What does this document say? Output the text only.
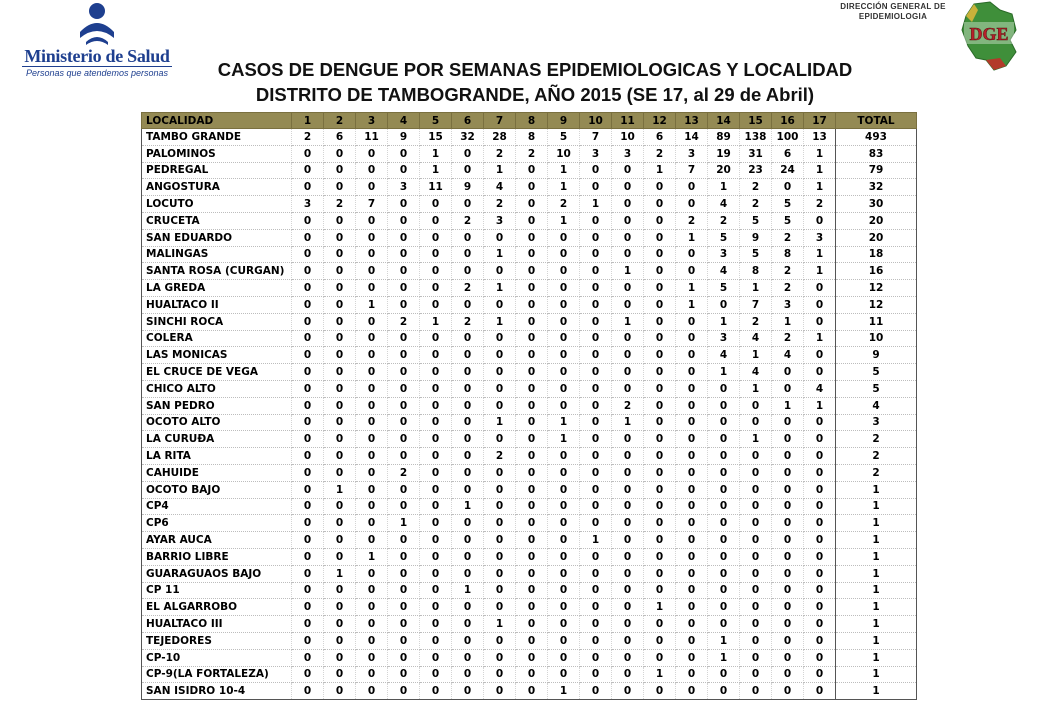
Ministerio de Salud
Personas que atendemos personas
DIRECCIÓN GENERAL DE
EPIDEMIOLOGIA
DGE
CASOS DE DENGUE POR SEMANAS EPIDEMIOLOGICAS Y LOCALIDAD
DISTRITO DE TAMBOGRANDE, AÑO 2015 (SE 17, al 29 de Abril)
LOCALIDAD	1	2	3	4	5	6	7	8	9	10	11	12	13	14	15	16	17	TOTAL
TAMBO GRANDE	2	6	11	9	15	32	28	8	5	7	10	6	14	89	138	100	13	493
PALOMINOS	0	0	0	0	1	0	2	2	10	3	3	2	3	19	31	6	1	83
PEDREGAL	0	0	0	0	1	0	1	0	1	0	0	1	7	20	23	24	1	79
ANGOSTURA	0	0	0	3	11	9	4	0	1	0	0	0	0	1	2	0	1	32
LOCUTO	3	2	7	0	0	0	2	0	2	1	0	0	0	4	2	5	2	30
CRUCETA	0	0	0	0	0	2	3	0	1	0	0	0	2	2	5	5	0	20
SAN EDUARDO	0	0	0	0	0	0	0	0	0	0	0	0	1	5	9	2	3	20
MALINGAS	0	0	0	0	0	0	1	0	0	0	0	0	0	3	5	8	1	18
SANTA ROSA (CURGAN)	0	0	0	0	0	0	0	0	0	0	1	0	0	4	8	2	1	16
LA GREDA	0	0	0	0	0	2	1	0	0	0	0	0	1	5	1	2	0	12
HUALTACO II	0	0	1	0	0	0	0	0	0	0	0	0	1	0	7	3	0	12
SINCHI ROCA	0	0	0	2	1	2	1	0	0	0	1	0	0	1	2	1	0	11
COLERA	0	0	0	0	0	0	0	0	0	0	0	0	0	3	4	2	1	10
LAS MONICAS	0	0	0	0	0	0	0	0	0	0	0	0	0	4	1	4	0	9
EL CRUCE DE VEGA	0	0	0	0	0	0	0	0	0	0	0	0	0	1	4	0	0	5
CHICO ALTO	0	0	0	0	0	0	0	0	0	0	0	0	0	0	1	0	4	5
SAN PEDRO	0	0	0	0	0	0	0	0	0	0	2	0	0	0	0	1	1	4
OCOTO ALTO	0	0	0	0	0	0	1	0	1	0	1	0	0	0	0	0	0	3
LA CURUÐA	0	0	0	0	0	0	0	0	1	0	0	0	0	0	1	0	0	2
LA RITA	0	0	0	0	0	0	2	0	0	0	0	0	0	0	0	0	0	2
CAHUIDE	0	0	0	2	0	0	0	0	0	0	0	0	0	0	0	0	0	2
OCOTO BAJO	0	1	0	0	0	0	0	0	0	0	0	0	0	0	0	0	0	1
CP4	0	0	0	0	0	1	0	0	0	0	0	0	0	0	0	0	0	1
CP6	0	0	0	1	0	0	0	0	0	0	0	0	0	0	0	0	0	1
AYAR AUCA	0	0	0	0	0	0	0	0	0	1	0	0	0	0	0	0	0	1
BARRIO LIBRE	0	0	1	0	0	0	0	0	0	0	0	0	0	0	0	0	0	1
GUARAGUAOS BAJO	0	1	0	0	0	0	0	0	0	0	0	0	0	0	0	0	0	1
CP 11	0	0	0	0	0	1	0	0	0	0	0	0	0	0	0	0	0	1
EL ALGARROBO	0	0	0	0	0	0	0	0	0	0	0	1	0	0	0	0	0	1
HUALTACO III	0	0	0	0	0	0	1	0	0	0	0	0	0	0	0	0	0	1
TEJEDORES	0	0	0	0	0	0	0	0	0	0	0	0	0	1	0	0	0	1
CP-10	0	0	0	0	0	0	0	0	0	0	0	0	0	1	0	0	0	1
CP-9(LA FORTALEZA)	0	0	0	0	0	0	0	0	0	0	0	1	0	0	0	0	0	1
SAN ISIDRO 10-4	0	0	0	0	0	0	0	0	1	0	0	0	0	0	0	0	0	1
